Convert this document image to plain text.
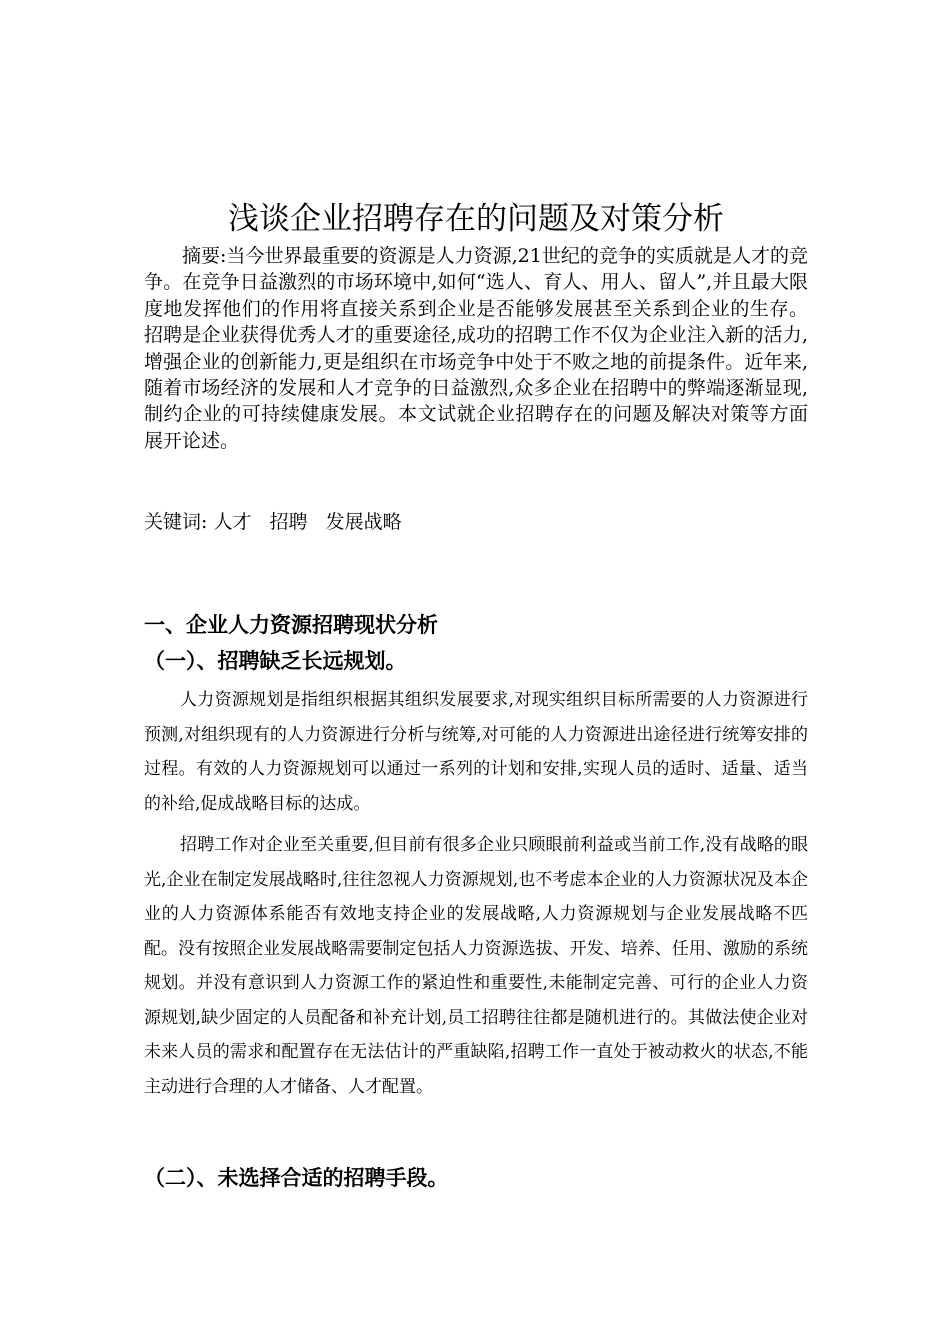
浅谈企业招聘存在的问题及对策分析

摘要:当今世界最重要的资源是人力资源,21世纪的竞争的实质就是人才的竞争。在竞争日益激烈的市场环境中,如何“选人、育人、用人、留人”,并且最大限度地发挥他们的作用将直接关系到企业是否能够发展甚至关系到企业的生存。招聘是企业获得优秀人才的重要途径,成功的招聘工作不仅为企业注入新的活力,增强企业的创新能力,更是组织在市场竞争中处于不败之地的前提条件。近年来,随着市场经济的发展和人才竞争的日益激烈,众多企业在招聘中的弊端逐渐显现,制约企业的可持续健康发展。本文试就企业招聘存在的问题及解决对策等方面展开论述。

关键词: 人才   招聘   发展战略

一、企业人力资源招聘现状分析
（一）、招聘缺乏长远规划。

人力资源规划是指组织根据其组织发展要求,对现实组织目标所需要的人力资源进行预测,对组织现有的人力资源进行分析与统筹,对可能的人力资源进出途径进行统筹安排的过程。有效的人力资源规划可以通过一系列的计划和安排,实现人员的适时、适量、适当的补给,促成战略目标的达成。

招聘工作对企业至关重要,但目前有很多企业只顾眼前利益或当前工作,没有战略的眼光,企业在制定发展战略时,往往忽视人力资源规划,也不考虑本企业的人力资源状况及本企业的人力资源体系能否有效地支持企业的发展战略,人力资源规划与企业发展战略不匹配。没有按照企业发展战略需要制定包括人力资源选拔、开发、培养、任用、激励的系统规划。并没有意识到人力资源工作的紧迫性和重要性,未能制定完善、可行的企业人力资源规划,缺少固定的人员配备和补充计划,员工招聘往往都是随机进行的。其做法使企业对未来人员的需求和配置存在无法估计的严重缺陷,招聘工作一直处于被动救火的状态,不能主动进行合理的人才储备、人才配置。

（二）、未选择合适的招聘手段。
